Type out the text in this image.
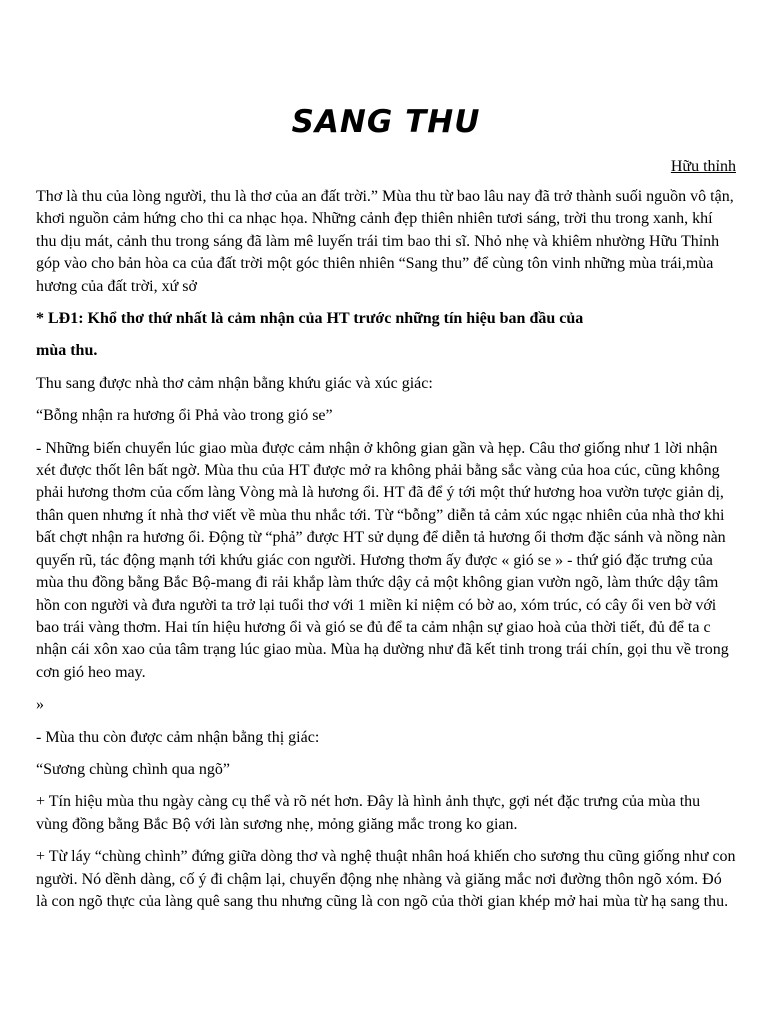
SANG THU
Hữu thỉnh

Thơ là thu của lòng người, thu là thơ của an đất trời.” Mùa thu từ bao lâu nay đã trở thành suối nguồn vô tận, khơi nguồn cảm hứng cho thi ca nhạc họa. Những cảnh đẹp thiên nhiên tươi sáng, trời thu trong xanh, khí thu dịu mát, cảnh thu trong sáng đã làm mê luyến trái tim bao thi sĩ. Nhỏ nhẹ và khiêm nhường Hữu Thỉnh góp vào cho bản hòa ca của đất trời một góc thiên nhiên “Sang thu” để cùng tôn vinh những mùa trái,mùa hương của đất trời, xứ sở

* LĐ1: Khổ thơ thứ nhất là cảm nhận của HT trước những tín hiệu ban đầu của

mùa thu.

Thu sang được nhà thơ cảm nhận bằng khứu giác và xúc giác:

“Bỗng nhận ra hương ổi Phả vào trong gió se”

- Những biến chuyển lúc giao mùa được cảm nhận ở không gian gần và hẹp. Câu thơ giống như 1 lời nhận xét được thốt lên bất ngờ. Mùa thu của HT được mở ra không phải bằng sắc vàng của hoa cúc, cũng không phải hương thơm của cốm làng Vòng mà là hương ổi. HT đã để ý tới một thứ hương hoa vườn tược giản dị, thân quen nhưng ít nhà thơ viết về mùa thu nhắc tới. Từ “bỗng” diễn tả cảm xúc ngạc nhiên của nhà thơ khi bất chợt nhận ra hương ổi. Động từ “phả” được HT sử dụng để diễn tả hương ổi thơm đặc sánh và nồng nàn quyến rũ, tác động mạnh tới khứu giác con người. Hương thơm ấy được « gió se » - thứ gió đặc trưng của mùa thu đồng bằng Bắc Bộ-mang đi rải khắp làm thức dậy cả một không gian vườn ngõ, làm thức dậy tâm hồn con người và đưa người ta trở lại tuổi thơ với 1 miền kỉ niệm có bờ ao, xóm trúc, có cây ổi ven bờ với bao trái vàng thơm. Hai tín hiệu hương ổi và gió se đủ để ta cảm nhận sự giao hoà của thời tiết, đủ để ta c nhận cái xôn xao của tâm trạng lúc giao mùa. Mùa hạ dường như đã kết tinh trong trái chín, gọi thu về trong cơn gió heo may.

»

- Mùa thu còn được cảm nhận bằng thị giác:

“Sương chùng chình qua ngõ”

+ Tín hiệu mùa thu ngày càng cụ thể và rõ nét hơn. Đây là hình ảnh thực, gợi nét đặc trưng của mùa thu vùng đồng bằng Bắc Bộ với làn sương nhẹ, mỏng giăng mắc trong ko gian.

+ Từ láy “chùng chình” đứng giữa dòng thơ và nghệ thuật nhân hoá khiến cho sương thu cũng giống như con người. Nó dềnh dàng, cố ý đi chậm lại, chuyển động nhẹ nhàng và giăng mắc nơi đường thôn ngõ xóm. Đó là con ngõ thực của làng quê sang thu nhưng cũng là con ngõ của thời gian khép mở hai mùa từ hạ sang thu.
